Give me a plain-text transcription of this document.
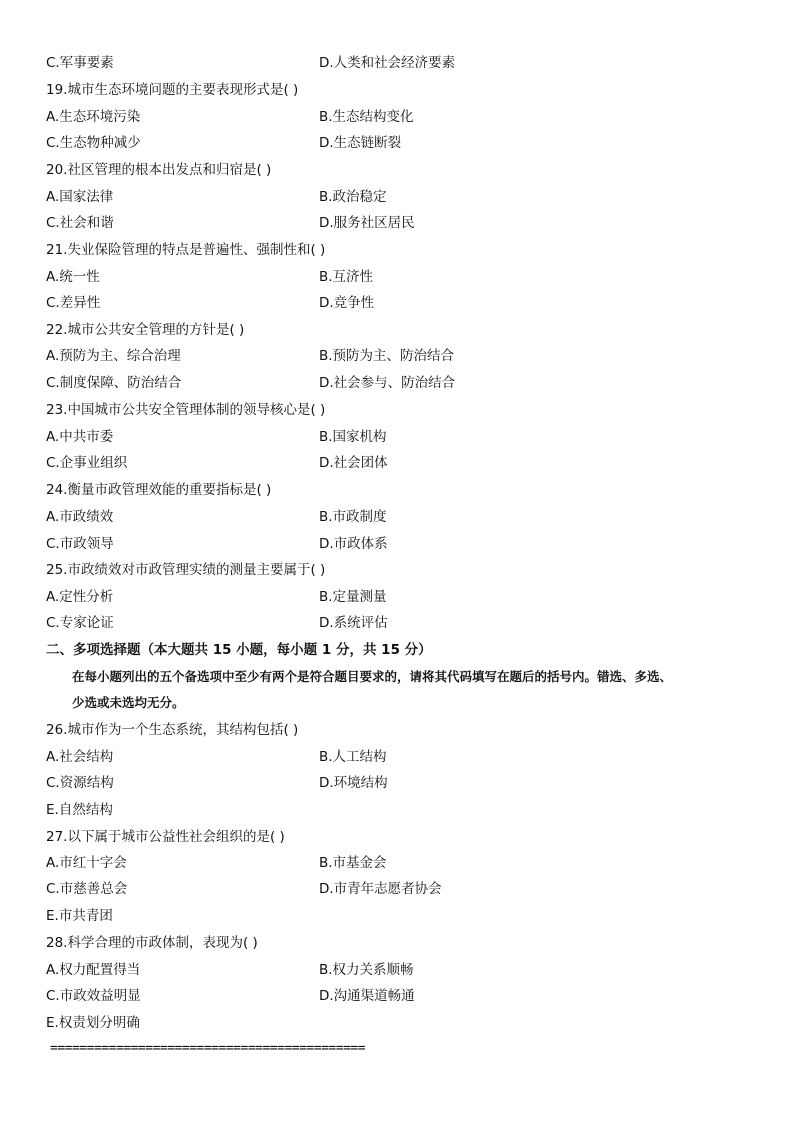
C.军事要素	D.人类和社会经济要素
19.城市生态环境问题的主要表现形式是( )
A.生态环境污染	B.生态结构变化
C.生态物种减少	D.生态链断裂
20.社区管理的根本出发点和归宿是( )
A.国家法律	B.政治稳定
C.社会和谐	D.服务社区居民
21.失业保险管理的特点是普遍性、强制性和( )
A.统一性	B.互济性
C.差异性	D.竞争性
22.城市公共安全管理的方针是( )
A.预防为主、综合治理	B.预防为主、防治结合
C.制度保障、防治结合	D.社会参与、防治结合
23.中国城市公共安全管理体制的领导核心是( )
A.中共市委	B.国家机构
C.企事业组织	D.社会团体
24.衡量市政管理效能的重要指标是( )
A.市政绩效	B.市政制度
C.市政领导	D.市政体系
25.市政绩效对市政管理实绩的测量主要属于( )
A.定性分析	B.定量测量
C.专家论证	D.系统评估
二、多项选择题（本大题共 15 小题，每小题 1 分，共 15 分）
在每小题列出的五个备选项中至少有两个是符合题目要求的，请将其代码填写在题后的括号内。错选、多选、
少选或未选均无分。
26.城市作为一个生态系统，其结构包括( )
A.社会结构	B.人工结构
C.资源结构	D.环境结构
E.自然结构
27.以下属于城市公益性社会组织的是( )
A.市红十字会	B.市基金会
C.市慈善总会	D.市青年志愿者协会
E.市共青团
28.科学合理的市政体制，表现为( )
A.权力配置得当	B.权力关系顺畅
C.市政效益明显	D.沟通渠道畅通
E.权责划分明确
===========================================
